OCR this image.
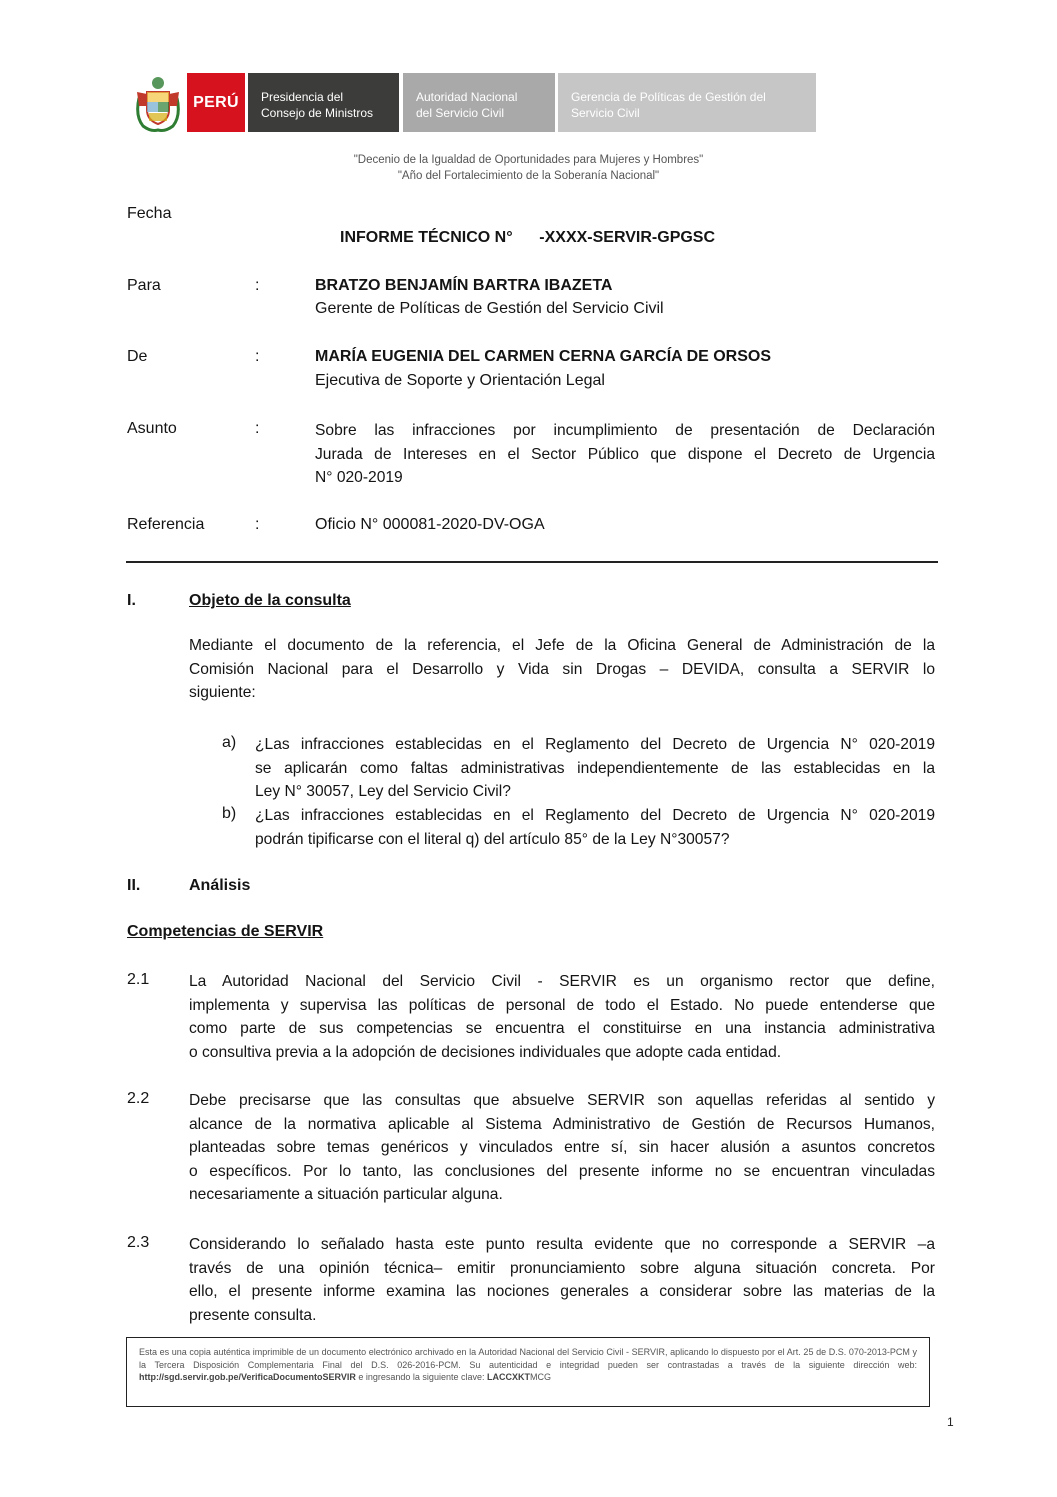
PERÚ Presidencia del
Consejo de Ministros
Autoridad Nacional
del Servicio Civil
Gerencia de Políticas de Gestión del
Servicio Civil
"Decenio de la Igualdad de Oportunidades para Mujeres y Hombres"
"Año del Fortalecimiento de la Soberanía Nacional"
Fecha
INFORME TÉCNICO N°      -XXXX-SERVIR-GPGSC
Para	:	BRATZO BENJAMÍN BARTRA IBAZETA
Gerente de Políticas de Gestión del Servicio Civil
De	:	MARÍA EUGENIA DEL CARMEN CERNA GARCÍA DE ORSOS
Ejecutiva de Soporte y Orientación Legal
Asunto	:	Sobre las infracciones por incumplimiento de presentación de Declaración
Jurada de Intereses en el Sector Público que dispone el Decreto de Urgencia
N° 020-2019
Referencia	:	Oficio N° 000081-2020-DV-OGA
I.	Objeto de la consulta
Mediante el documento de la referencia, el Jefe de la Oficina General de Administración de la
Comisión Nacional para el Desarrollo y Vida sin Drogas – DEVIDA, consulta a SERVIR lo
siguiente:
a) ¿Las infracciones establecidas en el Reglamento del Decreto de Urgencia N° 020-2019
se aplicarán como faltas administrativas independientemente de las establecidas en la
Ley N° 30057, Ley del Servicio Civil?
b) ¿Las infracciones establecidas en el Reglamento del Decreto de Urgencia N° 020-2019
podrán tipificarse con el literal q) del artículo 85° de la Ley N°30057?
II.	Análisis
Competencias de SERVIR
2.1	La Autoridad Nacional del Servicio Civil - SERVIR es un organismo rector que define,
implementa y supervisa las políticas de personal de todo el Estado. No puede entenderse que
como parte de sus competencias se encuentra el constituirse en una instancia administrativa
o consultiva previa a la adopción de decisiones individuales que adopte cada entidad.
2.2	Debe precisarse que las consultas que absuelve SERVIR son aquellas referidas al sentido y
alcance de la normativa aplicable al Sistema Administrativo de Gestión de Recursos Humanos,
planteadas sobre temas genéricos y vinculados entre sí, sin hacer alusión a asuntos concretos
o específicos. Por lo tanto, las conclusiones del presente informe no se encuentran vinculadas
necesariamente a situación particular alguna.
2.3	Considerando lo señalado hasta este punto resulta evidente que no corresponde a SERVIR –a
través de una opinión técnica– emitir pronunciamiento sobre alguna situación concreta. Por
ello, el presente informe examina las nociones generales a considerar sobre las materias de la
presente consulta.
Esta es una copia auténtica imprimible de un documento electrónico archivado en la Autoridad Nacional del Servicio Civil - SERVIR, aplicando lo dispuesto por el Art. 25 de D.S. 070-2013-PCM y la Tercera Disposición Complementaria Final del D.S. 026-2016-PCM. Su autenticidad e integridad pueden ser contrastadas a través de la siguiente dirección web: http://sgd.servir.gob.pe/VerificaDocumentoSERVIR e ingresando la siguiente clave: LACCXKTMCG
1
